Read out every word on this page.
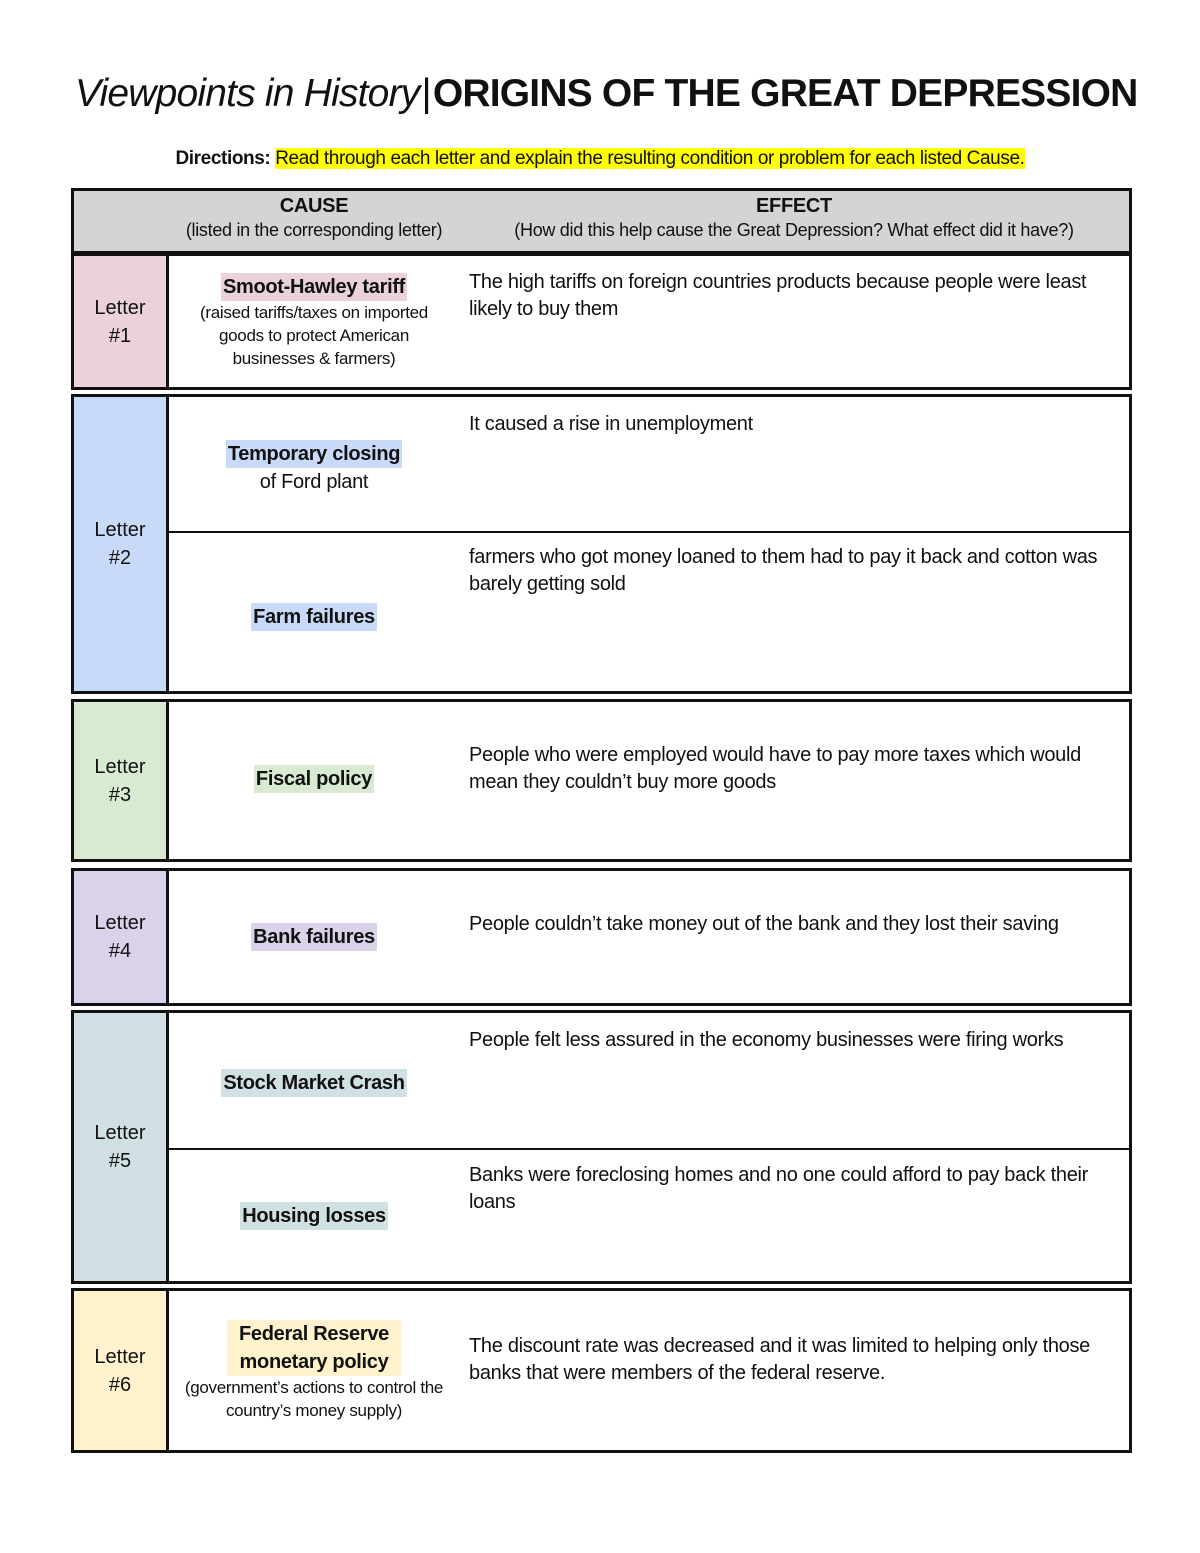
Viewpoints in History|ORIGINS OF THE GREAT DEPRESSION
Directions: Read through each letter and explain the resulting condition or problem for each listed Cause.
CAUSE
(listed in the corresponding letter)
EFFECT
(How did this help cause the Great Depression? What effect did it have?)
Letter
#1
Smoot-Hawley tariff
(raised tariffs/taxes on imported goods to protect American businesses & farmers)
The high tariffs on foreign countries products because people were least likely to buy them
Letter
#2
Temporary closing
of Ford plant
It caused a rise in unemployment
Farm failures
farmers who got money loaned to them had to pay it back and cotton was barely getting sold
Letter
#3
Fiscal policy
People who were employed would have to pay more taxes which would mean they couldn’t buy more goods
Letter
#4
Bank failures
People couldn’t take money out of the bank and they lost their saving
Letter
#5
Stock Market Crash
People felt less assured in the economy businesses were firing works
Housing losses
Banks were foreclosing homes and no one could afford to pay back their loans
Letter
#6
Federal Reserve monetary policy
(government’s actions to control the country’s money supply)
The discount rate was decreased and it was limited to helping only those banks that were members of the federal reserve.
